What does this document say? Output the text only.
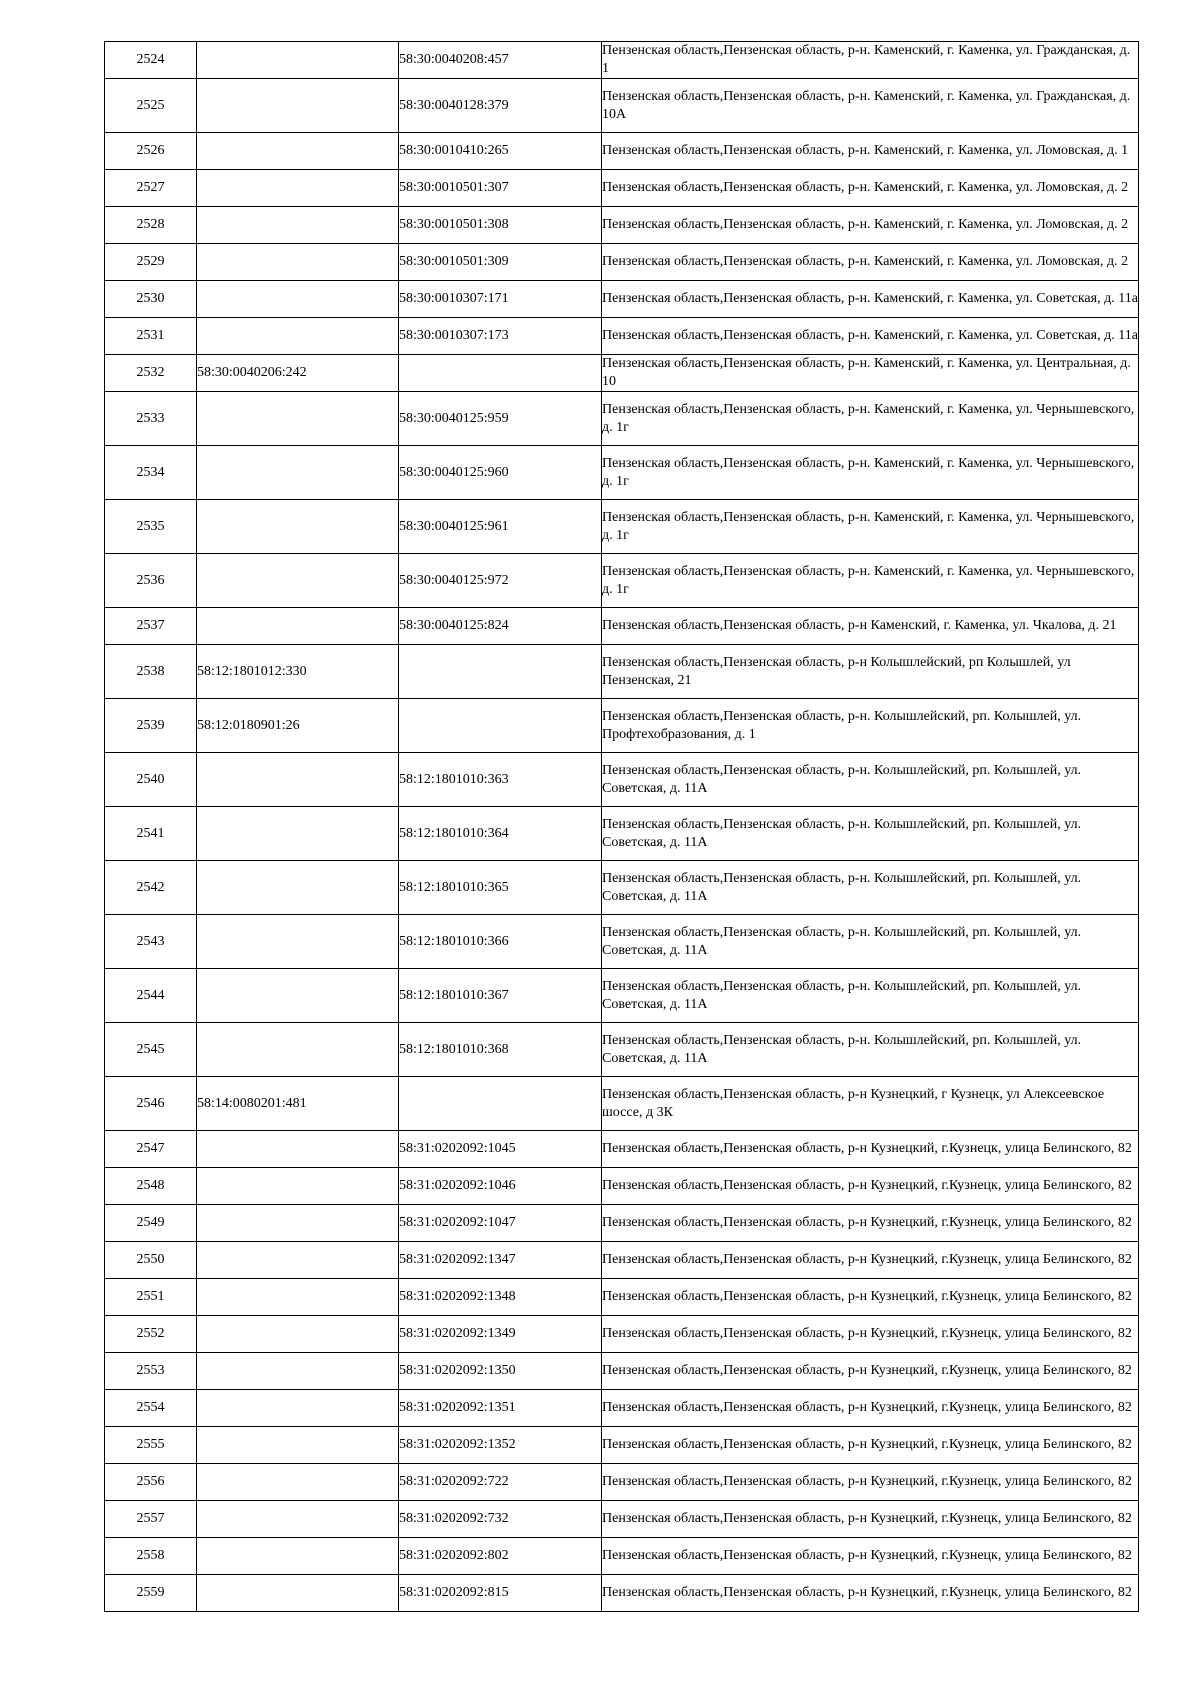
2524		58:30:0040208:457	Пензенская область,Пензенская область, р-н. Каменский, г. Каменка, ул. Гражданская, д. 1
2525		58:30:0040128:379	Пензенская область,Пензенская область, р-н. Каменский, г. Каменка, ул. Гражданская, д. 10А
2526		58:30:0010410:265	Пензенская область,Пензенская область, р-н. Каменский, г. Каменка, ул. Ломовская, д. 1
2527		58:30:0010501:307	Пензенская область,Пензенская область, р-н. Каменский, г. Каменка, ул. Ломовская, д. 2
2528		58:30:0010501:308	Пензенская область,Пензенская область, р-н. Каменский, г. Каменка, ул. Ломовская, д. 2
2529		58:30:0010501:309	Пензенская область,Пензенская область, р-н. Каменский, г. Каменка, ул. Ломовская, д. 2
2530		58:30:0010307:171	Пензенская область,Пензенская область, р-н. Каменский, г. Каменка, ул. Советская, д. 11а
2531		58:30:0010307:173	Пензенская область,Пензенская область, р-н. Каменский, г. Каменка, ул. Советская, д. 11а
2532	58:30:0040206:242		Пензенская область,Пензенская область, р-н. Каменский, г. Каменка, ул. Центральная, д. 10
2533		58:30:0040125:959	Пензенская область,Пензенская область, р-н. Каменский, г. Каменка, ул. Чернышевского, д. 1г
2534		58:30:0040125:960	Пензенская область,Пензенская область, р-н. Каменский, г. Каменка, ул. Чернышевского, д. 1г
2535		58:30:0040125:961	Пензенская область,Пензенская область, р-н. Каменский, г. Каменка, ул. Чернышевского, д. 1г
2536		58:30:0040125:972	Пензенская область,Пензенская область, р-н. Каменский, г. Каменка, ул. Чернышевского, д. 1г
2537		58:30:0040125:824	Пензенская область,Пензенская область, р-н Каменский, г. Каменка, ул. Чкалова, д. 21
2538	58:12:1801012:330		Пензенская область,Пензенская область, р-н Колышлейский, рп Колышлей, ул Пензенская, 21
2539	58:12:0180901:26		Пензенская область,Пензенская область, р-н. Колышлейский, рп. Колышлей, ул. Профтехобразования, д. 1
2540		58:12:1801010:363	Пензенская область,Пензенская область, р-н. Колышлейский, рп. Колышлей, ул. Советская, д. 11А
2541		58:12:1801010:364	Пензенская область,Пензенская область, р-н. Колышлейский, рп. Колышлей, ул. Советская, д. 11А
2542		58:12:1801010:365	Пензенская область,Пензенская область, р-н. Колышлейский, рп. Колышлей, ул. Советская, д. 11А
2543		58:12:1801010:366	Пензенская область,Пензенская область, р-н. Колышлейский, рп. Колышлей, ул. Советская, д. 11А
2544		58:12:1801010:367	Пензенская область,Пензенская область, р-н. Колышлейский, рп. Колышлей, ул. Советская, д. 11А
2545		58:12:1801010:368	Пензенская область,Пензенская область, р-н. Колышлейский, рп. Колышлей, ул. Советская, д. 11А
2546	58:14:0080201:481		Пензенская область,Пензенская область, р-н Кузнецкий, г Кузнецк, ул Алексеевское шоссе, д 3К
2547		58:31:0202092:1045	Пензенская область,Пензенская область, р-н Кузнецкий, г.Кузнецк, улица Белинского, 82
2548		58:31:0202092:1046	Пензенская область,Пензенская область, р-н Кузнецкий, г.Кузнецк, улица Белинского, 82
2549		58:31:0202092:1047	Пензенская область,Пензенская область, р-н Кузнецкий, г.Кузнецк, улица Белинского, 82
2550		58:31:0202092:1347	Пензенская область,Пензенская область, р-н Кузнецкий, г.Кузнецк, улица Белинского, 82
2551		58:31:0202092:1348	Пензенская область,Пензенская область, р-н Кузнецкий, г.Кузнецк, улица Белинского, 82
2552		58:31:0202092:1349	Пензенская область,Пензенская область, р-н Кузнецкий, г.Кузнецк, улица Белинского, 82
2553		58:31:0202092:1350	Пензенская область,Пензенская область, р-н Кузнецкий, г.Кузнецк, улица Белинского, 82
2554		58:31:0202092:1351	Пензенская область,Пензенская область, р-н Кузнецкий, г.Кузнецк, улица Белинского, 82
2555		58:31:0202092:1352	Пензенская область,Пензенская область, р-н Кузнецкий, г.Кузнецк, улица Белинского, 82
2556		58:31:0202092:722	Пензенская область,Пензенская область, р-н Кузнецкий, г.Кузнецк, улица Белинского, 82
2557		58:31:0202092:732	Пензенская область,Пензенская область, р-н Кузнецкий, г.Кузнецк, улица Белинского, 82
2558		58:31:0202092:802	Пензенская область,Пензенская область, р-н Кузнецкий, г.Кузнецк, улица Белинского, 82
2559		58:31:0202092:815	Пензенская область,Пензенская область, р-н Кузнецкий, г.Кузнецк, улица Белинского, 82
